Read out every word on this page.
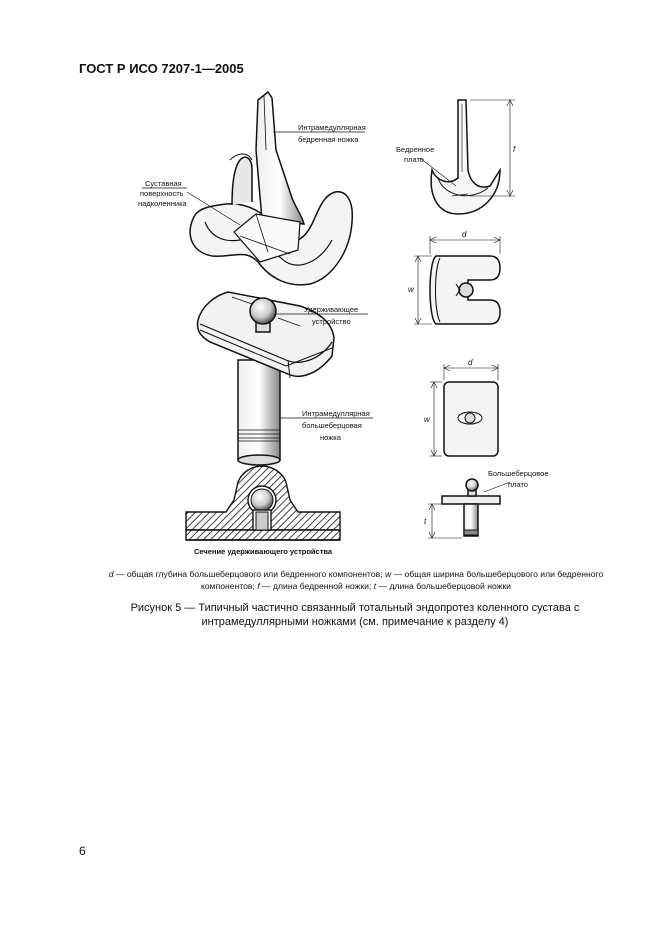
ГОСТ Р ИСО 7207-1—2005
Интрамедуллярная
бедренная ножка
Суставная
поверхность
надколенника
Удерживающее
устройство
Интрамедуллярная
большеберцовая
ножка
Сечение удерживающего устройства
f
Бедренное
плато
d
w
d
w
Большеберцовое
плато
t
d — общая глубина большеберцового или бедренного компонентов; w — общая ширина большеберцового или бедренного компонентов; f — длина бедренной ножки; t — длина большеберцовой ножки
Рисунок 5 — Типичный частично связанный тотальный эндопротез коленного сустава с интрамедуллярными ножками (см. примечание к разделу 4)
6
